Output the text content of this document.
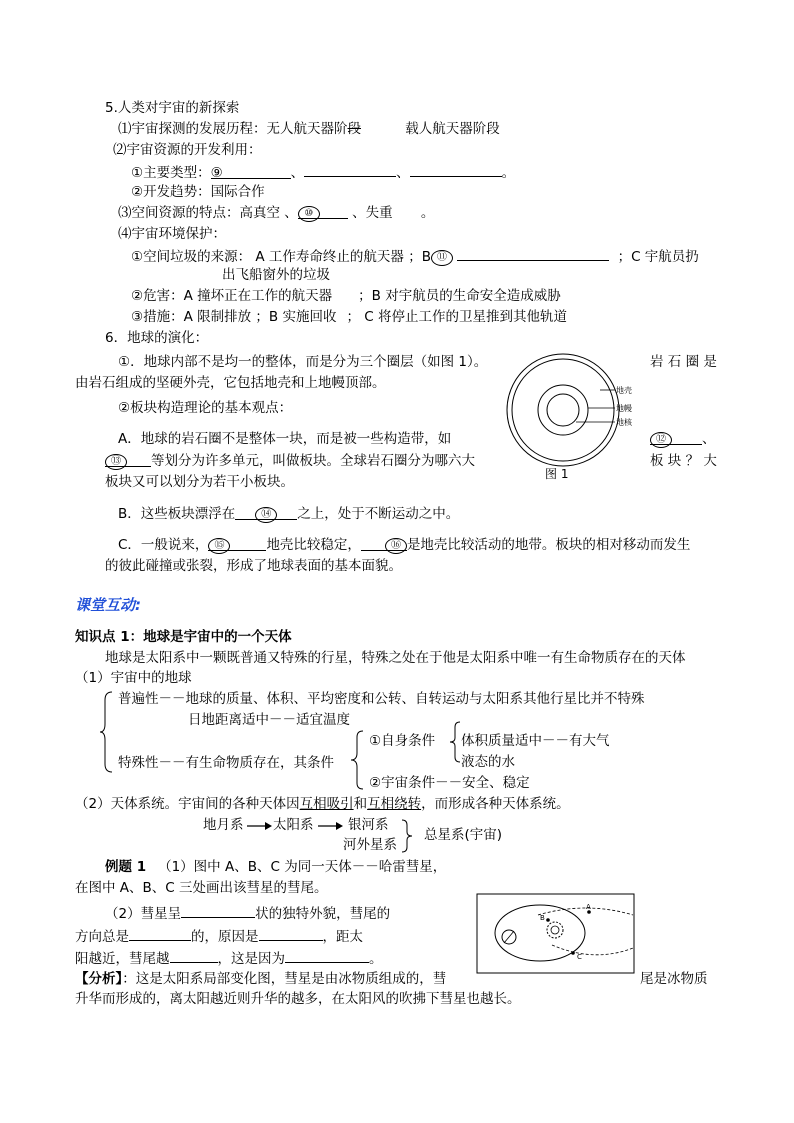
5.人类对宇宙的新探索
⑴宇宙探测的发展历程：无人航天器阶段	载人航天器阶段
⑵宇宙资源的开发利用：
①主要类型：⑨	、	、	。
②开发趋势：国际合作
⑶空间资源的特点：高真空 、 ⑩	、失重 。
⑷宇宙环境保护：
①空间垃圾的来源： A 工作寿命终止的航天器 ；B ⑪	；C 宇航员扔
出飞船窗外的垃圾
②危害：A 撞坏正在工作的航天器 ；B 对宇航员的生命安全造成威胁
③措施：A 限制排放 ；B 实施回收 ； C 将停止工作的卫星推到其他轨道
6．地球的演化：
①．地球内部不是均一的整体，而是分为三个圈层（如图 1）。	岩 石 圈 是
由岩石组成的坚硬外壳，它包括地壳和上地幔顶部。
②板块构造理论的基本观点：
A．地球的岩石圈不是整体一块，而是被一些构造带，如	⑫	、
⑬ 等划分为许多单元，叫做板块。全球岩石圈分为哪六大	板 块 ？ 大
板块又可以划分为若干小板块。
B．这些板块漂浮在	⑭ 之上，处于不断运动之中。
C．一般说来， ⑮	地壳比较稳定，	⑯ 是地壳比较活动的地带。板块的相对移动而发生
的彼此碰撞或张裂，形成了地球表面的基本面貌。
地壳
地幔
地核
图 1
课堂互动:
知识点 1：地球是宇宙中的一个天体
地球是太阳系中一颗既普通又特殊的行星，特殊之处在于他是太阳系中唯一有生命物质存在的天体
（1）宇宙中的地球
普遍性－－地球的质量、体积、平均密度和公转、自转运动与太阳系其他行星比并不特殊
日地距离适中－－适宜温度
特殊性－－有生命物质存在，其条件
①自身条件
②宇宙条件－－安全、稳定
体积质量适中－－有大气
液态的水
（2）天体系统。宇宙间的各种天体因互相吸引和互相绕转，而形成各种天体系统。
地月系 太阳系	银河系
河外星系
总星系(宇宙)
例题 1 （1）图中 A、B、C 为同一天体－－哈雷彗星，
在图中 A、B、C 三处画出该彗星的彗尾。
（2）彗星呈	状的独特外貌，彗尾的
方向总是	的，原因是	，距太
阳越近，彗尾越	，这是因为	。
【分析】：这是太阳系局部变化图，彗星是由冰物质组成的，彗	尾是冰物质
升华而形成的，离太阳越近则升华的越多，在太阳风的吹拂下彗星也越长。
A
B
C
